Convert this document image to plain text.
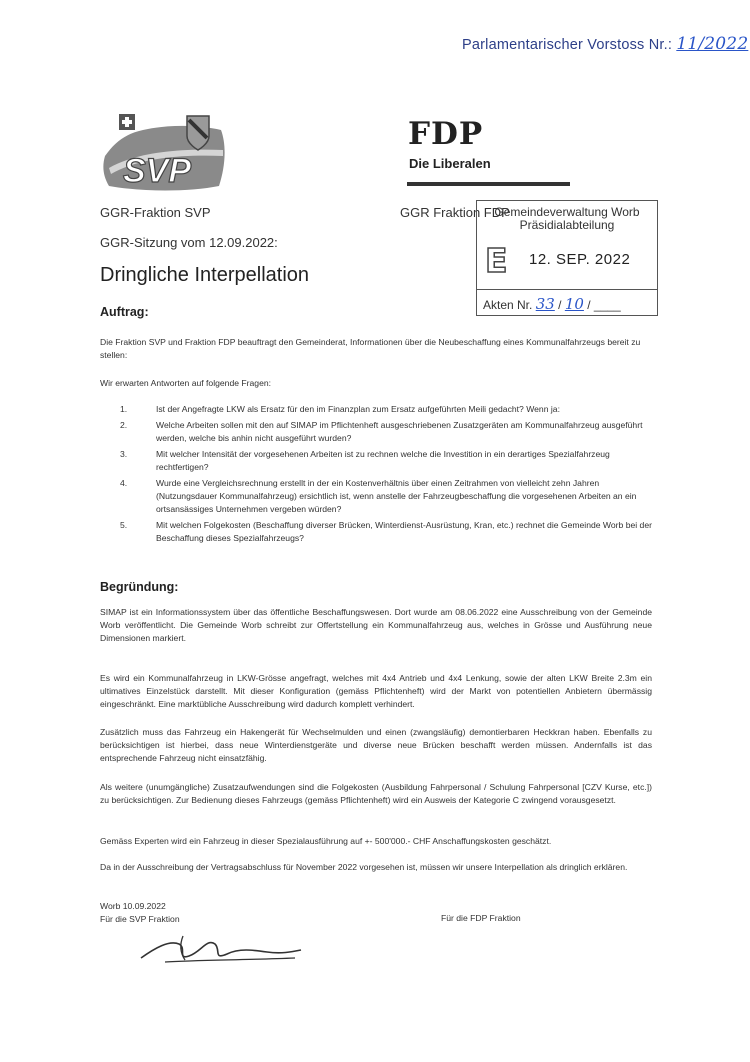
Parlamentarischer Vorstoss Nr.: 11/2022
SVP
FDP
Die Liberalen
GGR-Fraktion SVP	GGR Fraktion FDP
GGR-Sitzung vom 12.09.2022:
Dringliche Interpellation
Gemeindeverwaltung Worb
Präsidialabteilung
E 12. SEP. 2022
Akten Nr. 33 / 10 / ____
Auftrag:
Die Fraktion SVP und Fraktion FDP beauftragt den Gemeinderat, Informationen über die Neubeschaffung eines Kommunalfahrzeugs bereit zu stellen:
Wir erwarten Antworten auf folgende Fragen:
1.	Ist der Angefragte LKW als Ersatz für den im Finanzplan zum Ersatz aufgeführten Meili gedacht? Wenn ja:
2.	Welche Arbeiten sollen mit den auf SIMAP im Pflichtenheft ausgeschriebenen Zusatzgeräten am Kommunalfahrzeug ausgeführt werden, welche bis anhin nicht ausgeführt wurden?
3.	Mit welcher Intensität der vorgesehenen Arbeiten ist zu rechnen welche die Investition in ein derartiges Spezialfahrzeug rechtfertigen?
4.	Wurde eine Vergleichsrechnung erstellt in der ein Kostenverhältnis über einen Zeitrahmen von vielleicht zehn Jahren (Nutzungsdauer Kommunalfahrzeug) ersichtlich ist, wenn anstelle der Fahrzeugbeschaffung die vorgesehenen Arbeiten an ein ortsansässiges Unternehmen vergeben würden?
5.	Mit welchen Folgekosten (Beschaffung diverser Brücken, Winterdienst-Ausrüstung, Kran, etc.) rechnet die Gemeinde Worb bei der Beschaffung dieses Spezialfahrzeugs?
Begründung:
SIMAP ist ein Informationssystem über das öffentliche Beschaffungswesen. Dort wurde am 08.06.2022 eine Ausschreibung von der Gemeinde Worb veröffentlicht. Die Gemeinde Worb schreibt zur Offertstellung ein Kommunalfahrzeug aus, welches in Grösse und Ausführung neue Dimensionen markiert.
Es wird ein Kommunalfahrzeug in LKW-Grösse angefragt, welches mit 4x4 Antrieb und 4x4 Lenkung, sowie der alten LKW Breite 2.3m ein ultimatives Einzelstück darstellt. Mit dieser Konfiguration (gemäss Pflichtenheft) wird der Markt von potentiellen Anbietern übermässig eingeschränkt. Eine marktübliche Ausschreibung wird dadurch komplett verhindert.
Zusätzlich muss das Fahrzeug ein Hakengerät für Wechselmulden und einen (zwangsläufig) demontierbaren Heckkran haben. Ebenfalls zu berücksichtigen ist hierbei, dass neue Winterdienstgeräte und diverse neue Brücken beschafft werden müssen. Andernfalls ist das entsprechende Fahrzeug nicht einsatzfähig.
Als weitere (unumgängliche) Zusatzaufwendungen sind die Folgekosten (Ausbildung Fahrpersonal / Schulung Fahrpersonal [CZV Kurse, etc.]) zu berücksichtigen. Zur Bedienung dieses Fahrzeugs (gemäss Pflichtenheft) wird ein Ausweis der Kategorie C zwingend vorausgesetzt.
Gemäss Experten wird ein Fahrzeug in dieser Spezialausführung auf +- 500'000.- CHF Anschaffungskosten geschätzt.
Da in der Ausschreibung der Vertragsabschluss für November 2022 vorgesehen ist, müssen wir unsere Interpellation als dringlich erklären.
Worb 10.09.2022
Für die SVP Fraktion	Für die FDP Fraktion
